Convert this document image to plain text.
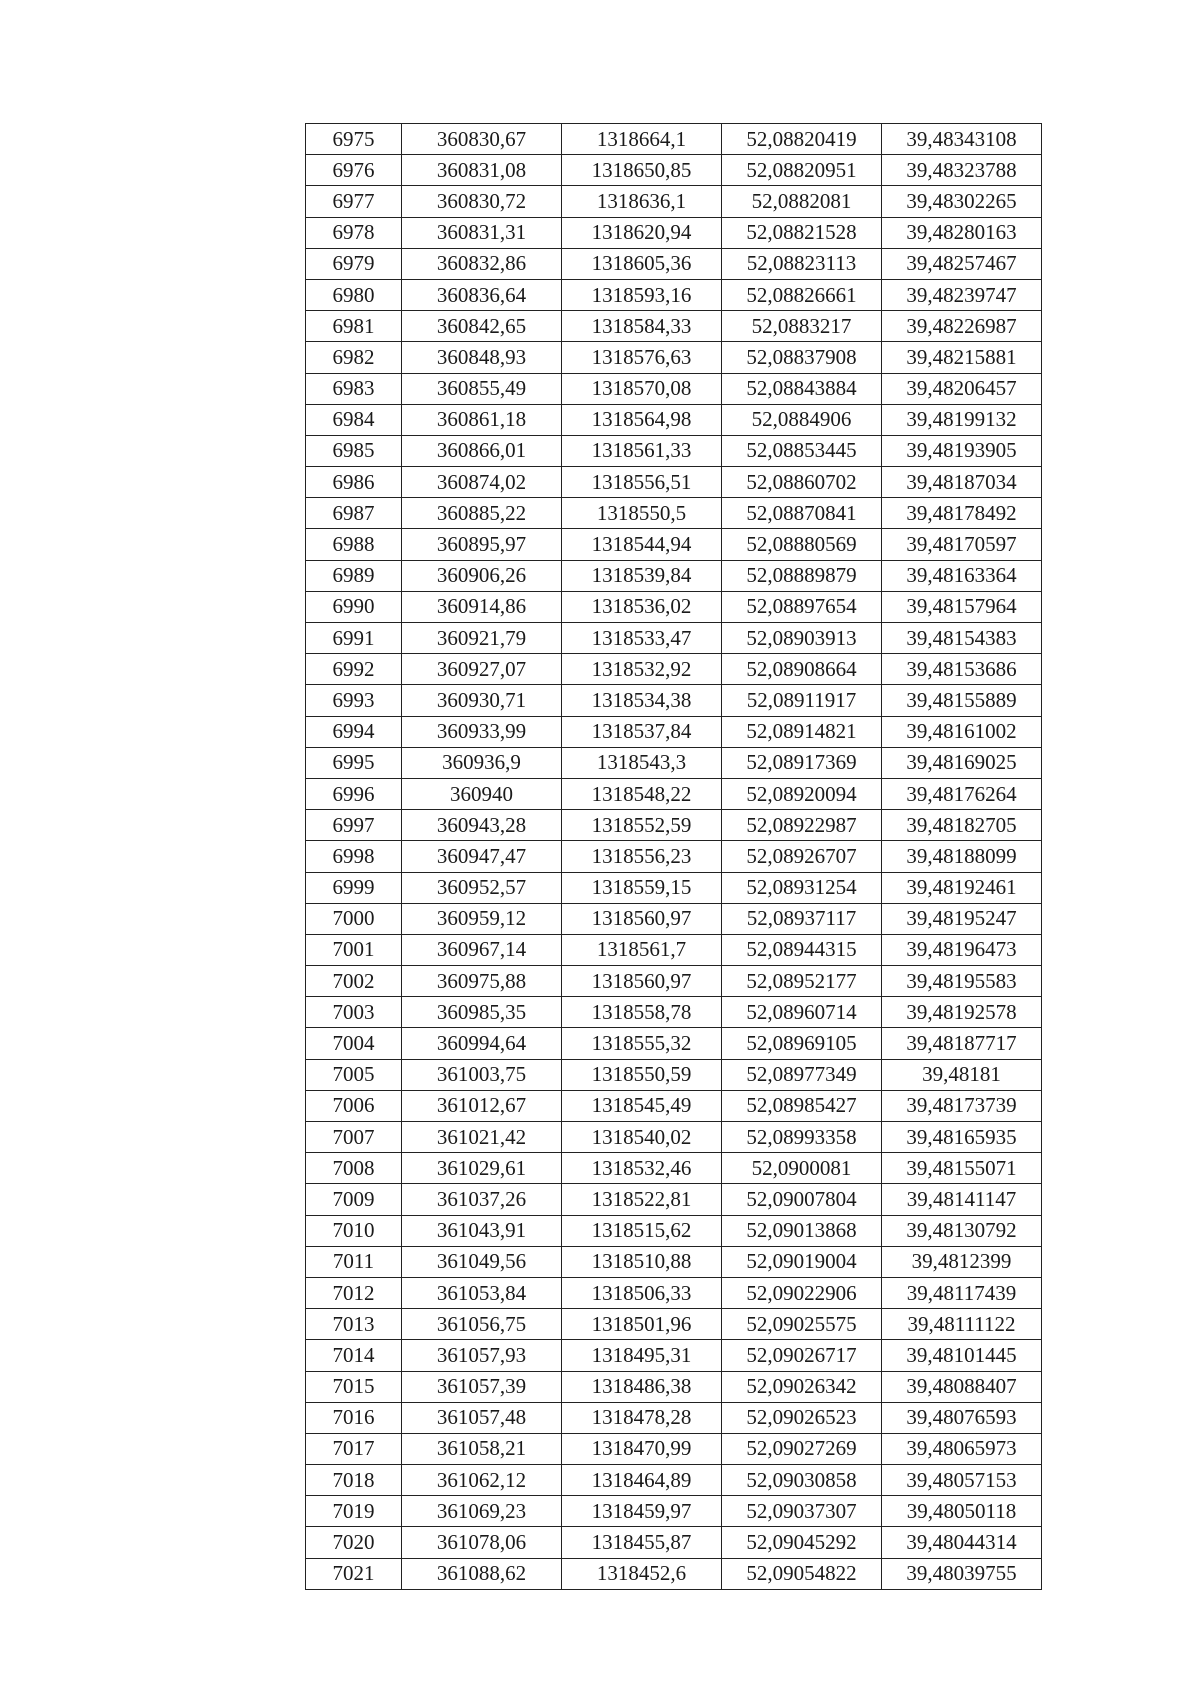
6975	360830,67	1318664,1	52,08820419	39,48343108
6976	360831,08	1318650,85	52,08820951	39,48323788
6977	360830,72	1318636,1	52,0882081	39,48302265
6978	360831,31	1318620,94	52,08821528	39,48280163
6979	360832,86	1318605,36	52,08823113	39,48257467
6980	360836,64	1318593,16	52,08826661	39,48239747
6981	360842,65	1318584,33	52,0883217	39,48226987
6982	360848,93	1318576,63	52,08837908	39,48215881
6983	360855,49	1318570,08	52,08843884	39,48206457
6984	360861,18	1318564,98	52,0884906	39,48199132
6985	360866,01	1318561,33	52,08853445	39,48193905
6986	360874,02	1318556,51	52,08860702	39,48187034
6987	360885,22	1318550,5	52,08870841	39,48178492
6988	360895,97	1318544,94	52,08880569	39,48170597
6989	360906,26	1318539,84	52,08889879	39,48163364
6990	360914,86	1318536,02	52,08897654	39,48157964
6991	360921,79	1318533,47	52,08903913	39,48154383
6992	360927,07	1318532,92	52,08908664	39,48153686
6993	360930,71	1318534,38	52,08911917	39,48155889
6994	360933,99	1318537,84	52,08914821	39,48161002
6995	360936,9	1318543,3	52,08917369	39,48169025
6996	360940	1318548,22	52,08920094	39,48176264
6997	360943,28	1318552,59	52,08922987	39,48182705
6998	360947,47	1318556,23	52,08926707	39,48188099
6999	360952,57	1318559,15	52,08931254	39,48192461
7000	360959,12	1318560,97	52,08937117	39,48195247
7001	360967,14	1318561,7	52,08944315	39,48196473
7002	360975,88	1318560,97	52,08952177	39,48195583
7003	360985,35	1318558,78	52,08960714	39,48192578
7004	360994,64	1318555,32	52,08969105	39,48187717
7005	361003,75	1318550,59	52,08977349	39,48181
7006	361012,67	1318545,49	52,08985427	39,48173739
7007	361021,42	1318540,02	52,08993358	39,48165935
7008	361029,61	1318532,46	52,0900081	39,48155071
7009	361037,26	1318522,81	52,09007804	39,48141147
7010	361043,91	1318515,62	52,09013868	39,48130792
7011	361049,56	1318510,88	52,09019004	39,4812399
7012	361053,84	1318506,33	52,09022906	39,48117439
7013	361056,75	1318501,96	52,09025575	39,48111122
7014	361057,93	1318495,31	52,09026717	39,48101445
7015	361057,39	1318486,38	52,09026342	39,48088407
7016	361057,48	1318478,28	52,09026523	39,48076593
7017	361058,21	1318470,99	52,09027269	39,48065973
7018	361062,12	1318464,89	52,09030858	39,48057153
7019	361069,23	1318459,97	52,09037307	39,48050118
7020	361078,06	1318455,87	52,09045292	39,48044314
7021	361088,62	1318452,6	52,09054822	39,48039755
